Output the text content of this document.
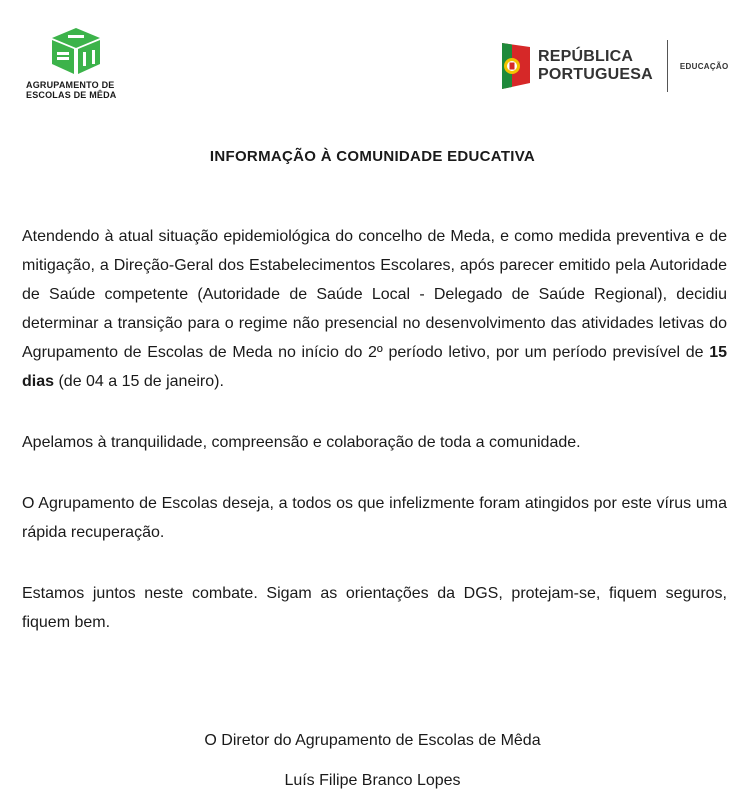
AGRUPAMENTO DE
ESCOLAS DE MÊDA
REPÚBLICA
PORTUGUESA	EDUCAÇÃO
INFORMAÇÃO À COMUNIDADE EDUCATIVA

Atendendo à atual situação epidemiológica do concelho de Meda, e como medida preventiva e de mitigação, a Direção-Geral dos Estabelecimentos Escolares, após parecer emitido pela Autoridade de Saúde competente (Autoridade de Saúde Local - Delegado de Saúde Regional), decidiu determinar a transição para o regime não presencial no desenvolvimento das atividades letivas do Agrupamento de Escolas de Meda no início do 2º período letivo, por um período previsível de 15 dias (de 04 a 15 de janeiro).

Apelamos à tranquilidade, compreensão e colaboração de toda a comunidade.

O Agrupamento de Escolas deseja, a todos os que infelizmente foram atingidos por este vírus uma rápida recuperação.

Estamos juntos neste combate. Sigam as orientações da DGS, protejam-se, fiquem seguros, fiquem bem.

O Diretor do Agrupamento de Escolas de Mêda
Luís Filipe Branco Lopes
